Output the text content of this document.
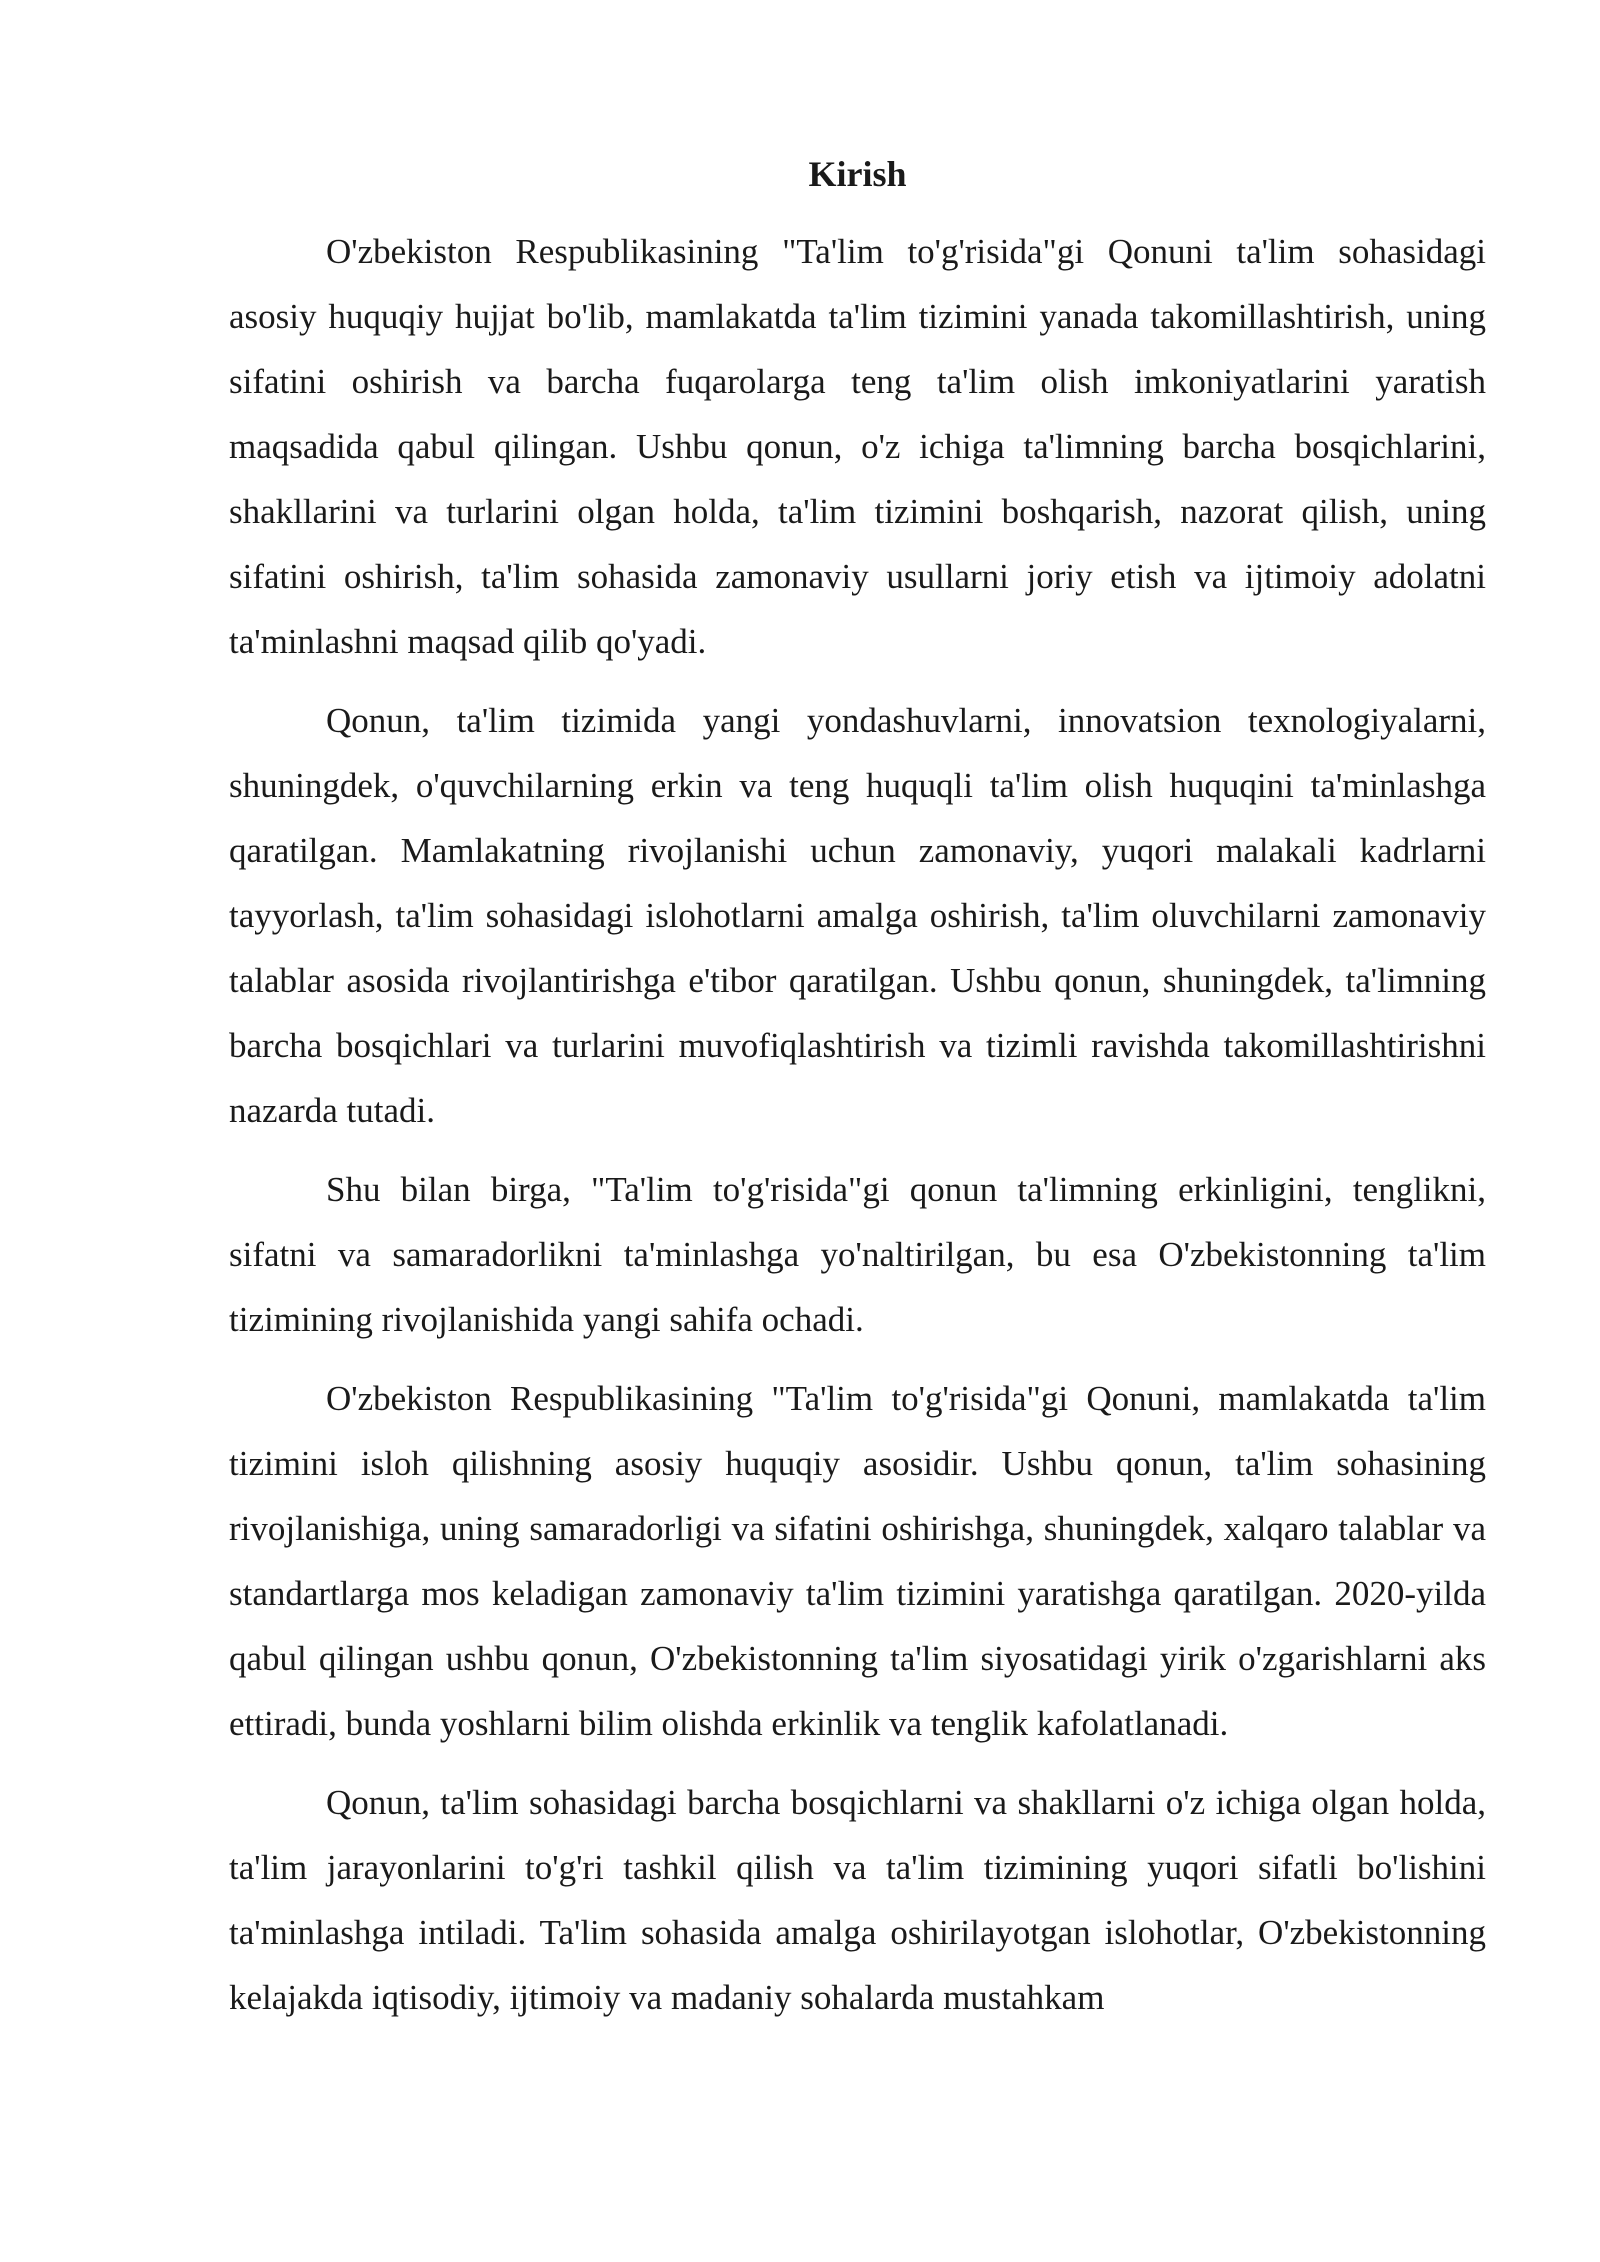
Kirish

O'zbekiston Respublikasining "Ta'lim to'g'risida"gi Qonuni ta'lim sohasidagi asosiy huquqiy hujjat bo'lib, mamlakatda ta'lim tizimini yanada takomillashtirish, uning sifatini oshirish va barcha fuqarolarga teng ta'lim olish imkoniyatlarini yaratish maqsadida qabul qilingan. Ushbu qonun, o'z ichiga ta'limning barcha bosqichlarini, shakllarini va turlarini olgan holda, ta'lim tizimini boshqarish, nazorat qilish, uning sifatini oshirish, ta'lim sohasida zamonaviy usullarni joriy etish va ijtimoiy adolatni ta'minlashni maqsad qilib qo'yadi.

Qonun, ta'lim tizimida yangi yondashuvlarni, innovatsion texnologiyalarni, shuningdek, o'quvchilarning erkin va teng huquqli ta'lim olish huquqini ta'minlashga qaratilgan. Mamlakatning rivojlanishi uchun zamonaviy, yuqori malakali kadrlarni tayyorlash, ta'lim sohasidagi islohotlarni amalga oshirish, ta'lim oluvchilarni zamonaviy talablar asosida rivojlantirishga e'tibor qaratilgan. Ushbu qonun, shuningdek, ta'limning barcha bosqichlari va turlarini muvofiqlashtirish va tizimli ravishda takomillashtirishni nazarda tutadi.

Shu bilan birga, "Ta'lim to'g'risida"gi qonun ta'limning erkinligini, tenglikni, sifatni va samaradorlikni ta'minlashga yo'naltirilgan, bu esa O'zbekistonning ta'lim tizimining rivojlanishida yangi sahifa ochadi.

O'zbekiston Respublikasining "Ta'lim to'g'risida"gi Qonuni, mamlakatda ta'lim tizimini isloh qilishning asosiy huquqiy asosidir. Ushbu qonun, ta'lim sohasining rivojlanishiga, uning samaradorligi va sifatini oshirishga, shuningdek, xalqaro talablar va standartlarga mos keladigan zamonaviy ta'lim tizimini yaratishga qaratilgan. 2020-yilda qabul qilingan ushbu qonun, O'zbekistonning ta'lim siyosatidagi yirik o'zgarishlarni aks ettiradi, bunda yoshlarni bilim olishda erkinlik va tenglik kafolatlanadi.

Qonun, ta'lim sohasidagi barcha bosqichlarni va shakllarni o'z ichiga olgan holda, ta'lim jarayonlarini to'g'ri tashkil qilish va ta'lim tizimining yuqori sifatli bo'lishini ta'minlashga intiladi. Ta'lim sohasida amalga oshirilayotgan islohotlar, O'zbekistonning kelajakda iqtisodiy, ijtimoiy va madaniy sohalarda mustahkam
